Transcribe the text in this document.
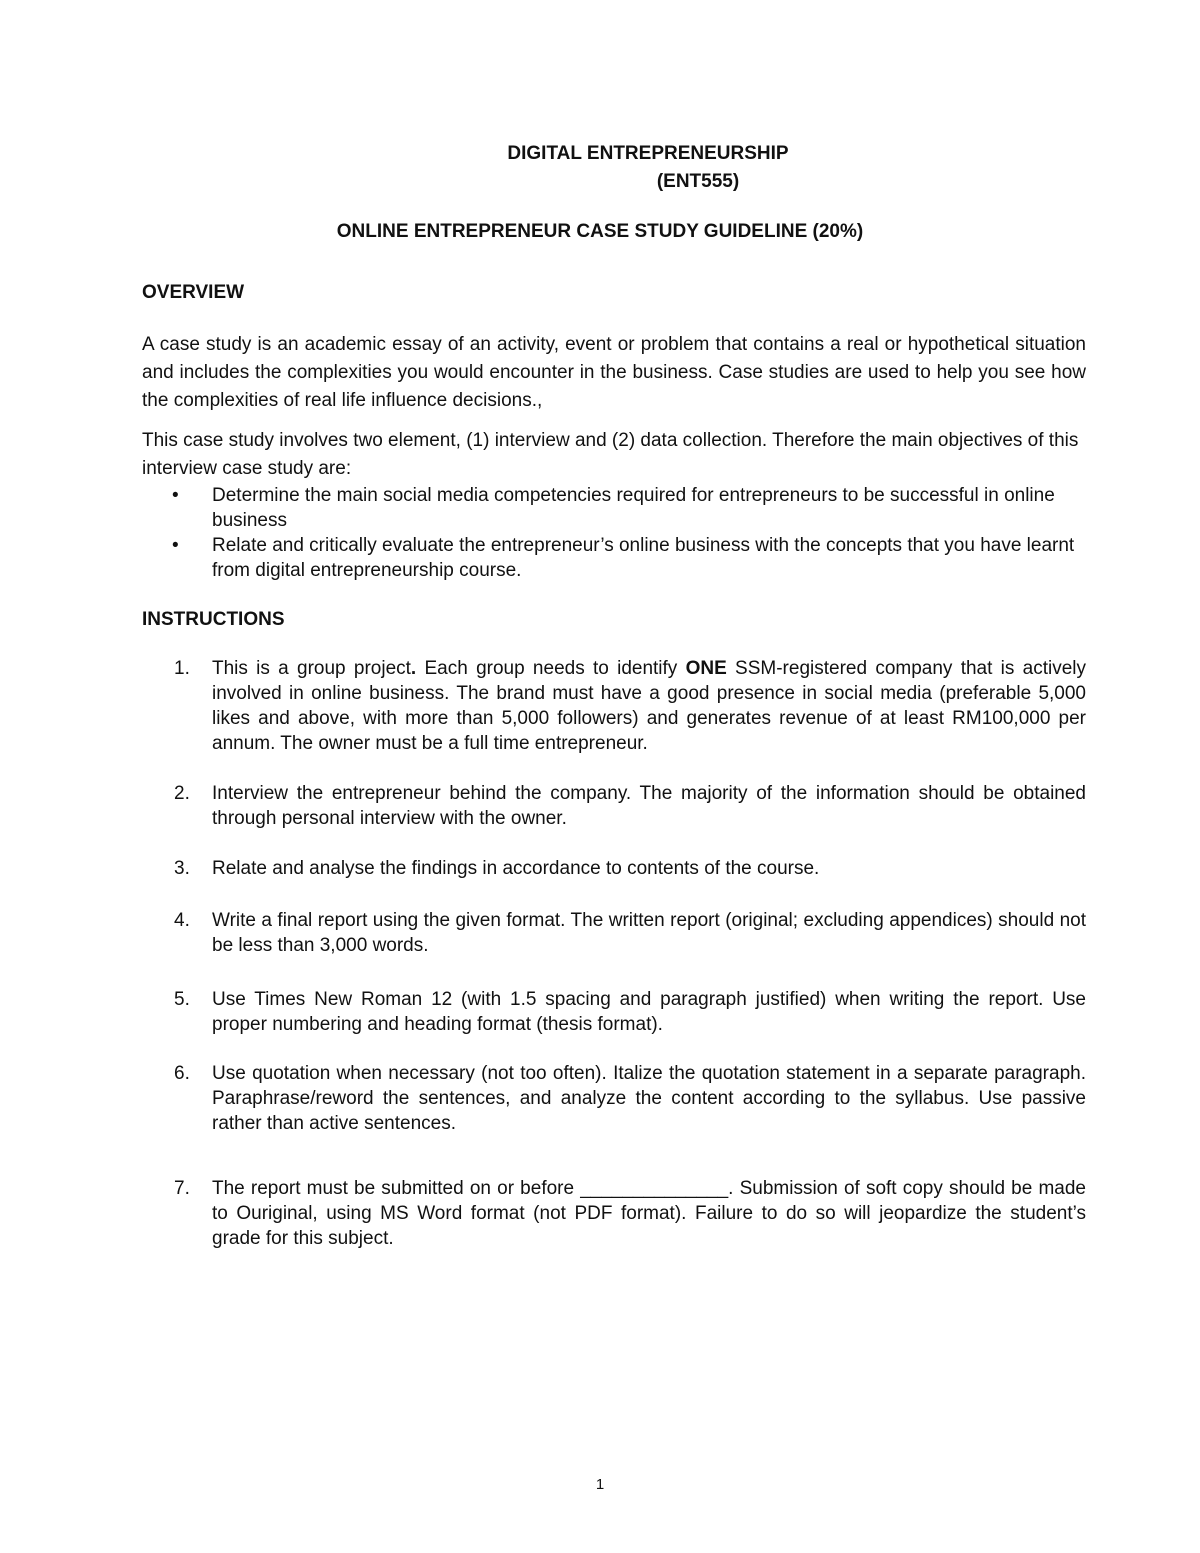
DIGITAL ENTREPRENEURSHIP
(ENT555)
ONLINE ENTREPRENEUR CASE STUDY GUIDELINE (20%)
OVERVIEW
A case study is an academic essay of an activity, event or problem that contains a real or hypothetical situation and includes the complexities you would encounter in the business. Case studies are used to help you see how the complexities of real life influence decisions.,
This case study involves two element, (1) interview and (2) data collection. Therefore the main objectives of this interview case study are:
• Determine the main social media competencies required for entrepreneurs to be successful in online business
• Relate and critically evaluate the entrepreneur’s online business with the concepts that you have learnt from digital entrepreneurship course.
INSTRUCTIONS
1. This is a group project. Each group needs to identify ONE SSM-registered company that is actively involved in online business. The brand must have a good presence in social media (preferable 5,000 likes and above, with more than 5,000 followers) and generates revenue of at least RM100,000 per annum. The owner must be a full time entrepreneur.
2. Interview the entrepreneur behind the company. The majority of the information should be obtained through personal interview with the owner.
3. Relate and analyse the findings in accordance to contents of the course.
4. Write a final report using the given format. The written report (original; excluding appendices) should not be less than 3,000 words.
5. Use Times New Roman 12 (with 1.5 spacing and paragraph justified) when writing the report. Use proper numbering and heading format (thesis format).
6. Use quotation when necessary (not too often). Italize the quotation statement in a separate paragraph. Paraphrase/reword the sentences, and analyze the content according to the syllabus. Use passive rather than active sentences.
7. The report must be submitted on or before ______________. Submission of soft copy should be made to Ouriginal, using MS Word format (not PDF format). Failure to do so will jeopardize the student’s grade for this subject.
1
